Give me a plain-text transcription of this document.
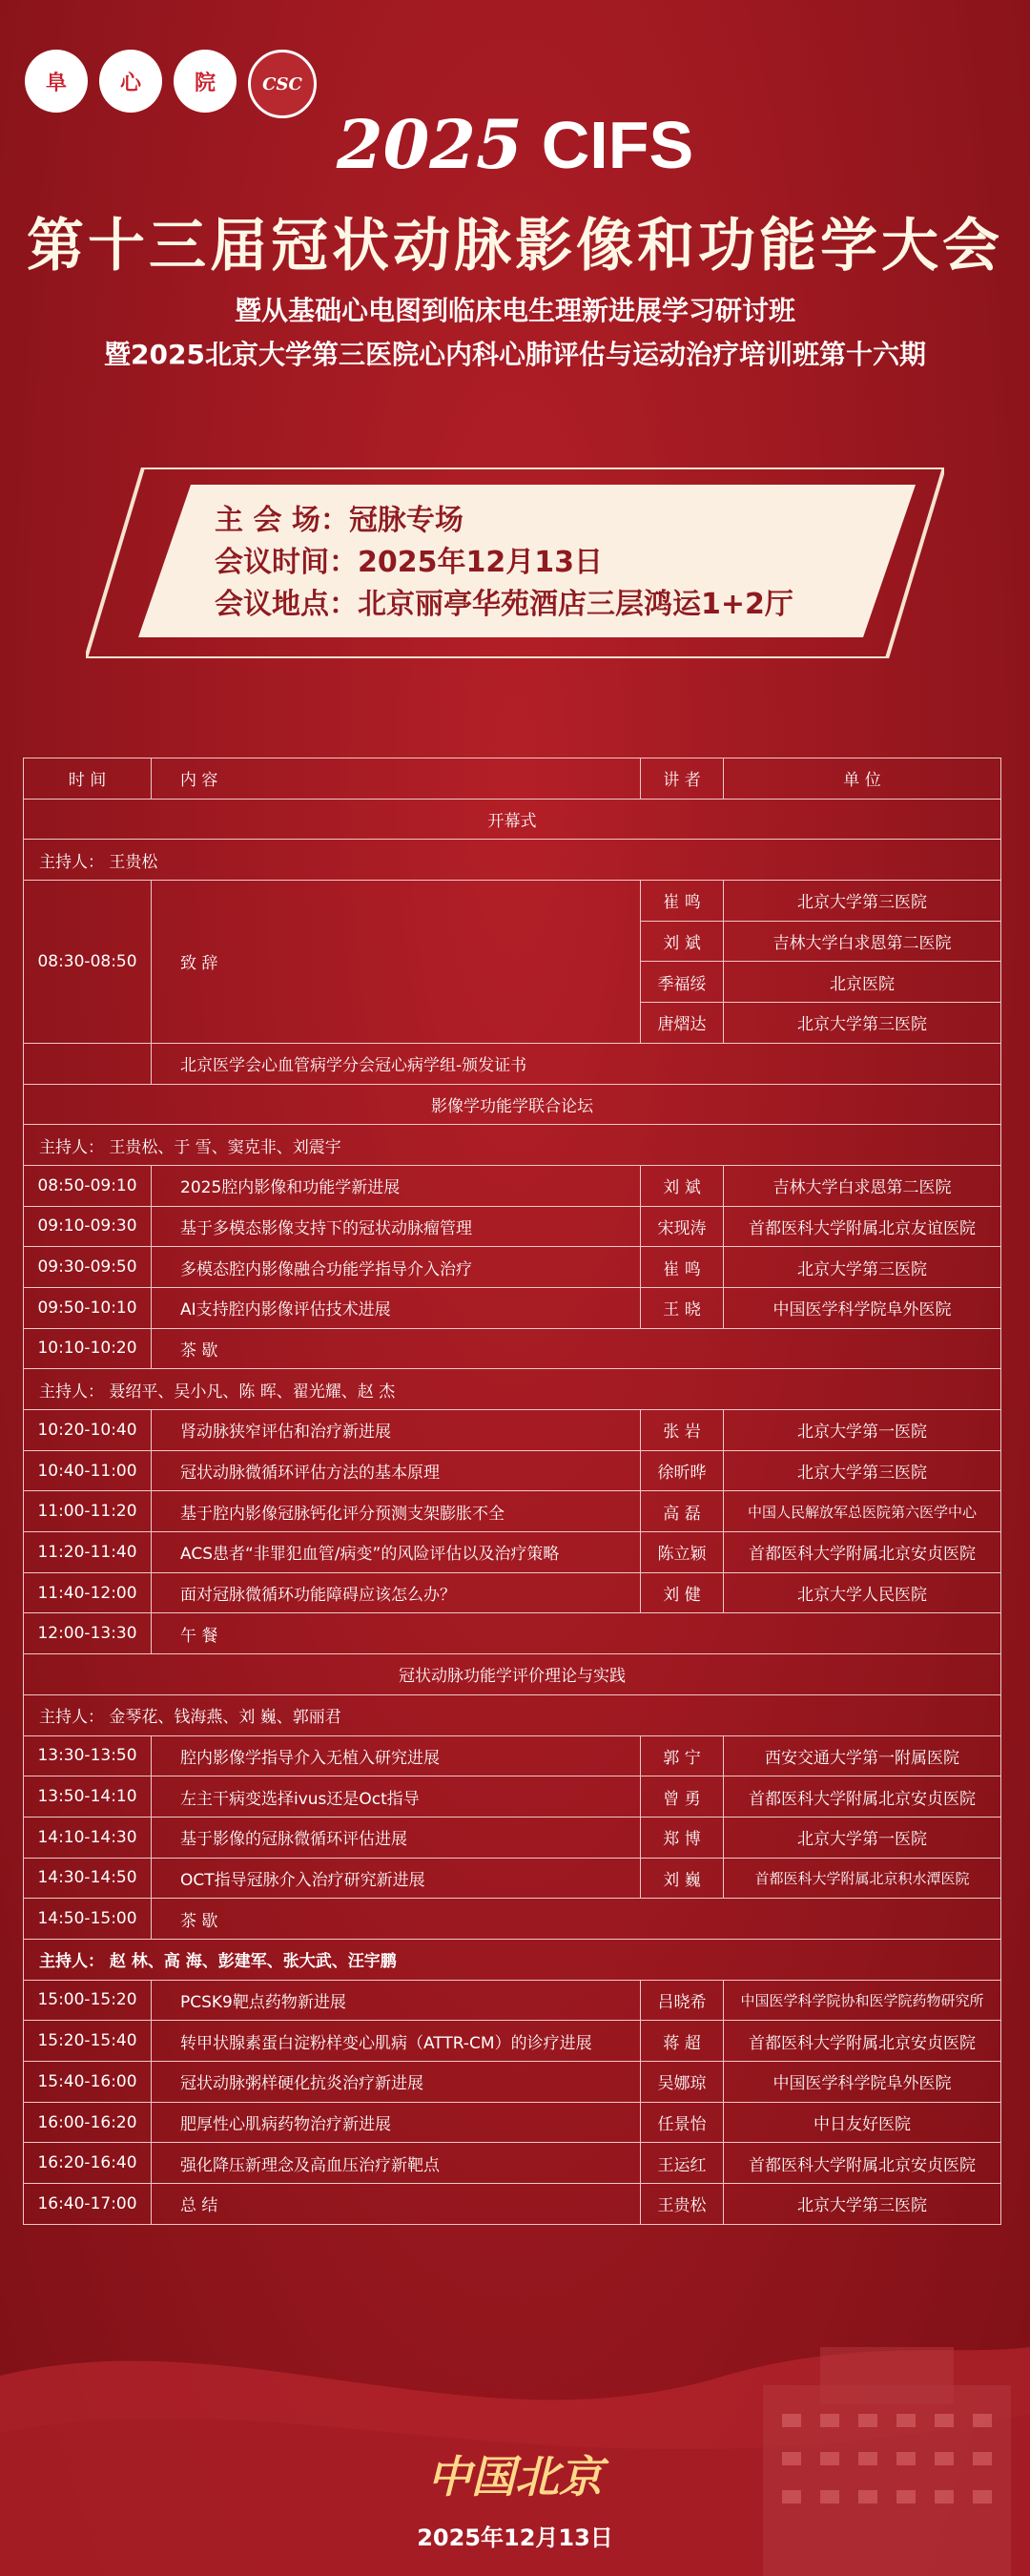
阜	心	院	CSC
2025 CIFS
第十三届冠状动脉影像和功能学大会
暨从基础心电图到临床电生理新进展学习研讨班
暨2025北京大学第三医院心内科心肺评估与运动治疗培训班第十六期
主 会 场：冠脉专场
会议时间：2025年12月13日
会议地点：北京丽亭华苑酒店三层鸿运1+2厅
时 间	内 容	讲 者	单 位
开幕式			
主持人： 王贵松			
08:30-08:50	致 辞	崔 鸣	北京大学第三医院
		刘 斌	吉林大学白求恩第二医院
		季福绥	北京医院
		唐熠达	北京大学第三医院
	北京医学会心血管病学分会冠心病学组-颁发证书		
影像学功能学联合论坛			
主持人： 王贵松、于 雪、窦克非、刘震宇			
08:50-09:10	2025腔内影像和功能学新进展	刘 斌	吉林大学白求恩第二医院
09:10-09:30	基于多模态影像支持下的冠状动脉瘤管理	宋现涛	首都医科大学附属北京友谊医院
09:30-09:50	多模态腔内影像融合功能学指导介入治疗	崔 鸣	北京大学第三医院
09:50-10:10	AI支持腔内影像评估技术进展	王 晓	中国医学科学院阜外医院
10:10-10:20	茶 歇		
主持人： 聂绍平、吴小凡、陈 晖、翟光耀、赵 杰			
10:20-10:40	肾动脉狭窄评估和治疗新进展	张 岩	北京大学第一医院
10:40-11:00	冠状动脉微循环评估方法的基本原理	徐昕晔	北京大学第三医院
11:00-11:20	基于腔内影像冠脉钙化评分预测支架膨胀不全	高 磊	中国人民解放军总医院第六医学中心
11:20-11:40	ACS患者“非罪犯血管/病变”的风险评估以及治疗策略	陈立颖	首都医科大学附属北京安贞医院
11:40-12:00	面对冠脉微循环功能障碍应该怎么办？	刘 健	北京大学人民医院
12:00-13:30	午 餐		
冠状动脉功能学评价理论与实践			
主持人： 金琴花、钱海燕、刘 巍、郭丽君			
13:30-13:50	腔内影像学指导介入无植入研究进展	郭 宁	西安交通大学第一附属医院
13:50-14:10	左主干病变选择ivus还是Oct指导	曾 勇	首都医科大学附属北京安贞医院
14:10-14:30	基于影像的冠脉微循环评估进展	郑 博	北京大学第一医院
14:30-14:50	OCT指导冠脉介入治疗研究新进展	刘 巍	首都医科大学附属北京积水潭医院
14:50-15:00	茶 歇		
主持人： 赵 林、高 海、彭建军、张大武、汪宇鹏			
15:00-15:20	PCSK9靶点药物新进展	吕晓希	中国医学科学院协和医学院药物研究所
15:20-15:40	转甲状腺素蛋白淀粉样变心肌病（ATTR-CM）的诊疗进展	蒋 超	首都医科大学附属北京安贞医院
15:40-16:00	冠状动脉粥样硬化抗炎治疗新进展	吴娜琼	中国医学科学院阜外医院
16:00-16:20	肥厚性心肌病药物治疗新进展	任景怡	中日友好医院
16:20-16:40	强化降压新理念及高血压治疗新靶点	王运红	首都医科大学附属北京安贞医院
16:40-17:00	总 结	王贵松	北京大学第三医院
中国北京
2025年12月13日
